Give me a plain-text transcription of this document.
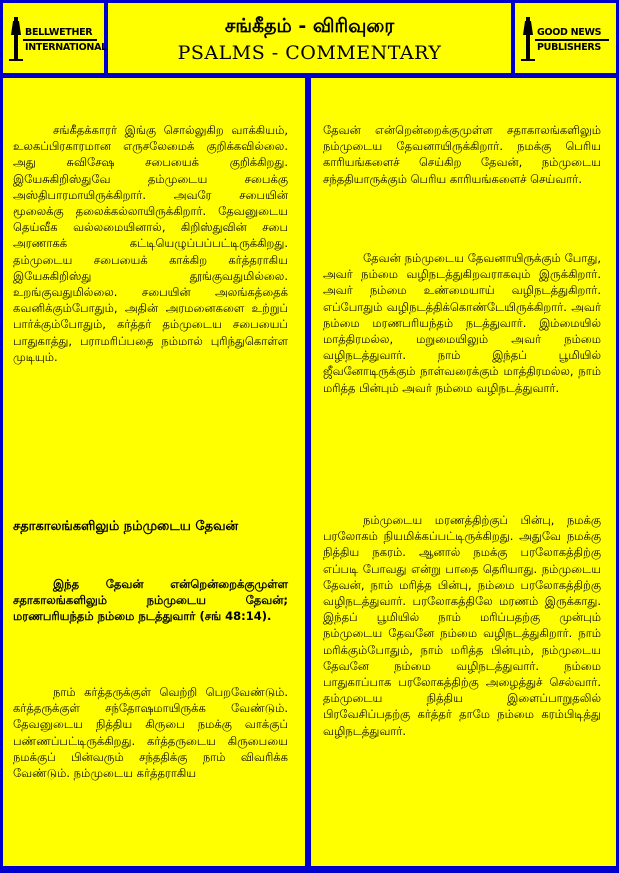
BELLWETHER
INTERNATIONAL
சங்கீதம் - விரிவுரை
PSALMS - COMMENTARY
GOOD NEWS
PUBLISHERS
சங்கீதக்காரர் இங்கு சொல்லுகிற வாக்கியம், உலகப்பிரகாரமான எருசலேமைக் குறிக்கவில்லை. அது சுவிசேஷ சபையைக் குறிக்கிறது. இயேசுகிறிஸ்துவே தம்முடைய சபைக்கு அஸ்திபாரமாயிருக்கிறார். அவரே சபையின் மூலைக்கு தலைக்கல்லாயிருக்கிறார். தேவனுடைய தெய்வீக வல்லமையினால், கிறிஸ்துவின் சபை அரணாகக் கட்டியெழுப்பப்பட்டிருக்கிறது. தம்முடைய சபையைக் காக்கிற கர்த்தராகிய இயேசுகிறிஸ்து தூங்குவதுமில்லை. உறங்குவதுமில்லை. சபையின் அலங்கத்தைக் கவனிக்கும்போதும், அதின் அரமனைகளை உற்றுப் பார்க்கும்போதும், கர்த்தர் தம்முடைய சபையைப் பாதுகாத்து, பராமரிப்பதை நம்மால் புரிந்துகொள்ள முடியும்.
சதாகாலங்களிலும் நம்முடைய தேவன்
இந்த தேவன் என்றென்றைக்குமுள்ள சதாகாலங்களிலும் நம்முடைய தேவன்; மரணபரியந்தம் நம்மை நடத்துவார் (சங் 48:14).
நாம் கர்த்தருக்குள் வெற்றி பெறவேண்டும். கர்த்தருக்குள் சந்தோஷமாயிருக்க வேண்டும். தேவனுடைய நித்திய கிருபை நமக்கு வாக்குப் பண்ணப்பட்டிருக்கிறது. கர்த்தருடைய கிருபையை நமக்குப் பின்வரும் சந்ததிக்கு நாம் விவரிக்க வேண்டும். நம்முடைய கர்த்தராகிய
தேவன் என்றென்றைக்குமுள்ள சதாகாலங்களிலும் நம்முடைய தேவனாயிருக்கிறார். நமக்கு பெரிய காரியங்களைச் செய்கிற தேவன், நம்முடைய சந்ததியாருக்கும் பெரிய காரியங்களைச் செய்வார்.
தேவன் நம்முடைய தேவனாயிருக்கும் போது, அவர் நம்மை வழிநடத்துகிறவராகவும் இருக்கிறார். அவர் நம்மை உண்மையாய் வழிநடத்துகிறார். எப்போதும் வழிநடத்திக்கொண்டேயிருக்கிறார். அவர் நம்மை மரணபரியந்தம் நடத்துவார். இம்மையில் மாத்திரமல்ல, மறுமையிலும் அவர் நம்மை வழிநடத்துவார். நாம் இந்தப் பூமியில் ஜீவனோடிருக்கும் நாள்வரைக்கும் மாத்திரமல்ல, நாம் மரித்த பின்பும் அவர் நம்மை வழிநடத்துவார்.
நம்முடைய மரணத்திற்குப் பின்பு, நமக்கு பரலோகம் நியமிக்கப்பட்டிருக்கிறது. அதுவே நமக்கு நித்திய நகரம். ஆனால் நமக்கு பரலோகத்திற்கு எப்படி போவது என்று பாதை தெரியாது. நம்முடைய தேவன், நாம் மரித்த பின்பு, நம்மை பரலோகத்திற்கு வழிநடத்துவார். பரலோகத்திலே மரணம் இருக்காது. இந்தப் பூமியில் நாம் மரிப்பதற்கு முன்பும் நம்முடைய தேவனே நம்மை வழிநடத்துகிறார். நாம் மரிக்கும்போதும், நாம் மரித்த பின்பும், நம்முடைய தேவனே நம்மை வழிநடத்துவார். நம்மை பாதுகாப்பாக பரலோகத்திற்கு அழைத்துச் செல்வார். தம்முடைய நித்திய இளைப்பாறுதலில் பிரவேசிப்பதற்கு கர்த்தர் தாமே நம்மை கரம்பிடித்து வழிநடத்துவார்.
